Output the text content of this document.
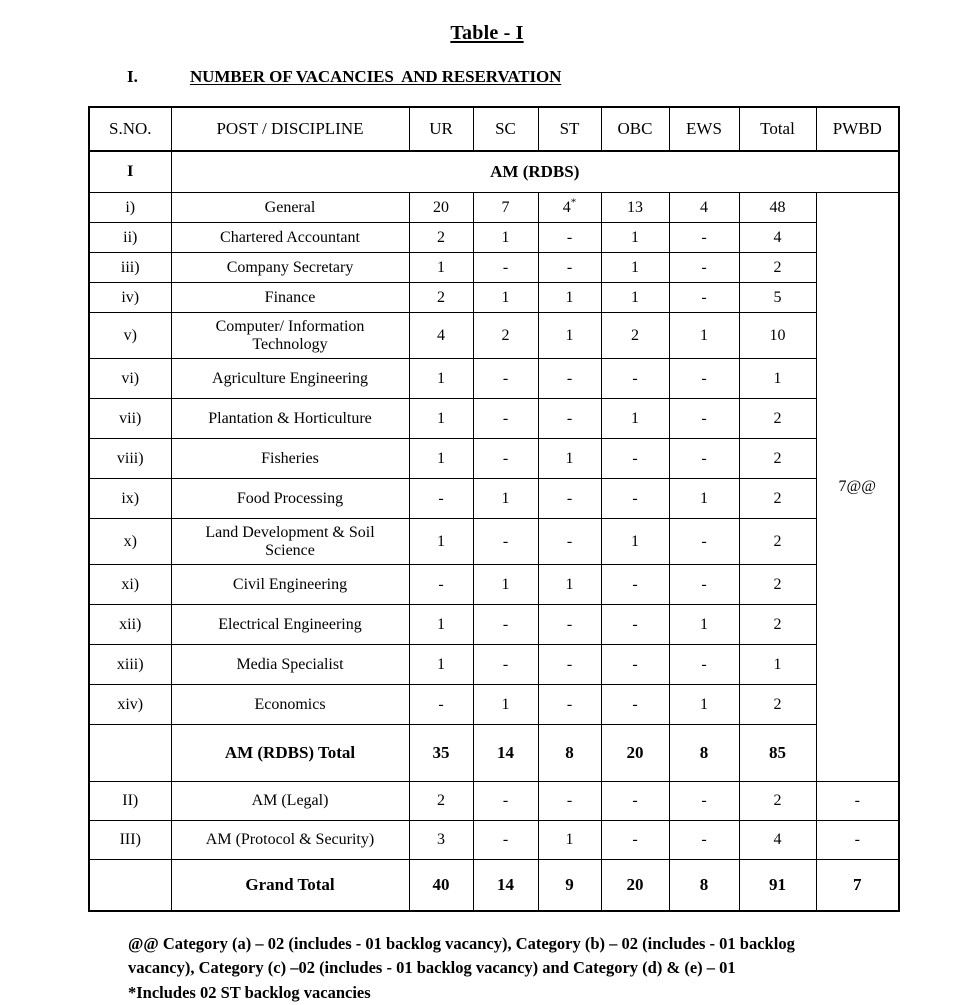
Table - I
I.	NUMBER OF VACANCIES  AND RESERVATION
S.NO.	POST / DISCIPLINE	UR	SC	ST	OBC	EWS	Total	PWBD
I	AM (RDBS)							
i)	General	20	7	4*	13	4	48	7@@
ii)	Chartered Accountant	2	1	-	1	-	4	
iii)	Company Secretary	1	-	-	1	-	2	
iv)	Finance	2	1	1	1	-	5	
v)	Computer/ Information
Technology	4	2	1	2	1	10	
vi)	Agriculture Engineering	1	-	-	-	-	1	
vii)	Plantation & Horticulture	1	-	-	1	-	2	
viii)	Fisheries	1	-	1	-	-	2	
ix)	Food Processing	-	1	-	-	1	2	
x)	Land Development & Soil
Science	1	-	-	1	-	2	
xi)	Civil Engineering	-	1	1	-	-	2	
xii)	Electrical Engineering	1	-	-	-	1	2	
xiii)	Media Specialist	1	-	-	-	-	1	
xiv)	Economics	-	1	-	-	1	2	
	AM (RDBS) Total	35	14	8	20	8	85	
II)	AM (Legal)	2	-	-	-	-	2	-
III)	AM (Protocol & Security)	3	-	1	-	-	4	-
	Grand Total	40	14	9	20	8	91	7

@@ Category (a) – 02 (includes - 01 backlog vacancy), Category (b) – 02 (includes - 01 backlog vacancy), Category (c) –02 (includes - 01 backlog vacancy) and Category (d) & (e) – 01

*Includes 02 ST backlog vacancies
